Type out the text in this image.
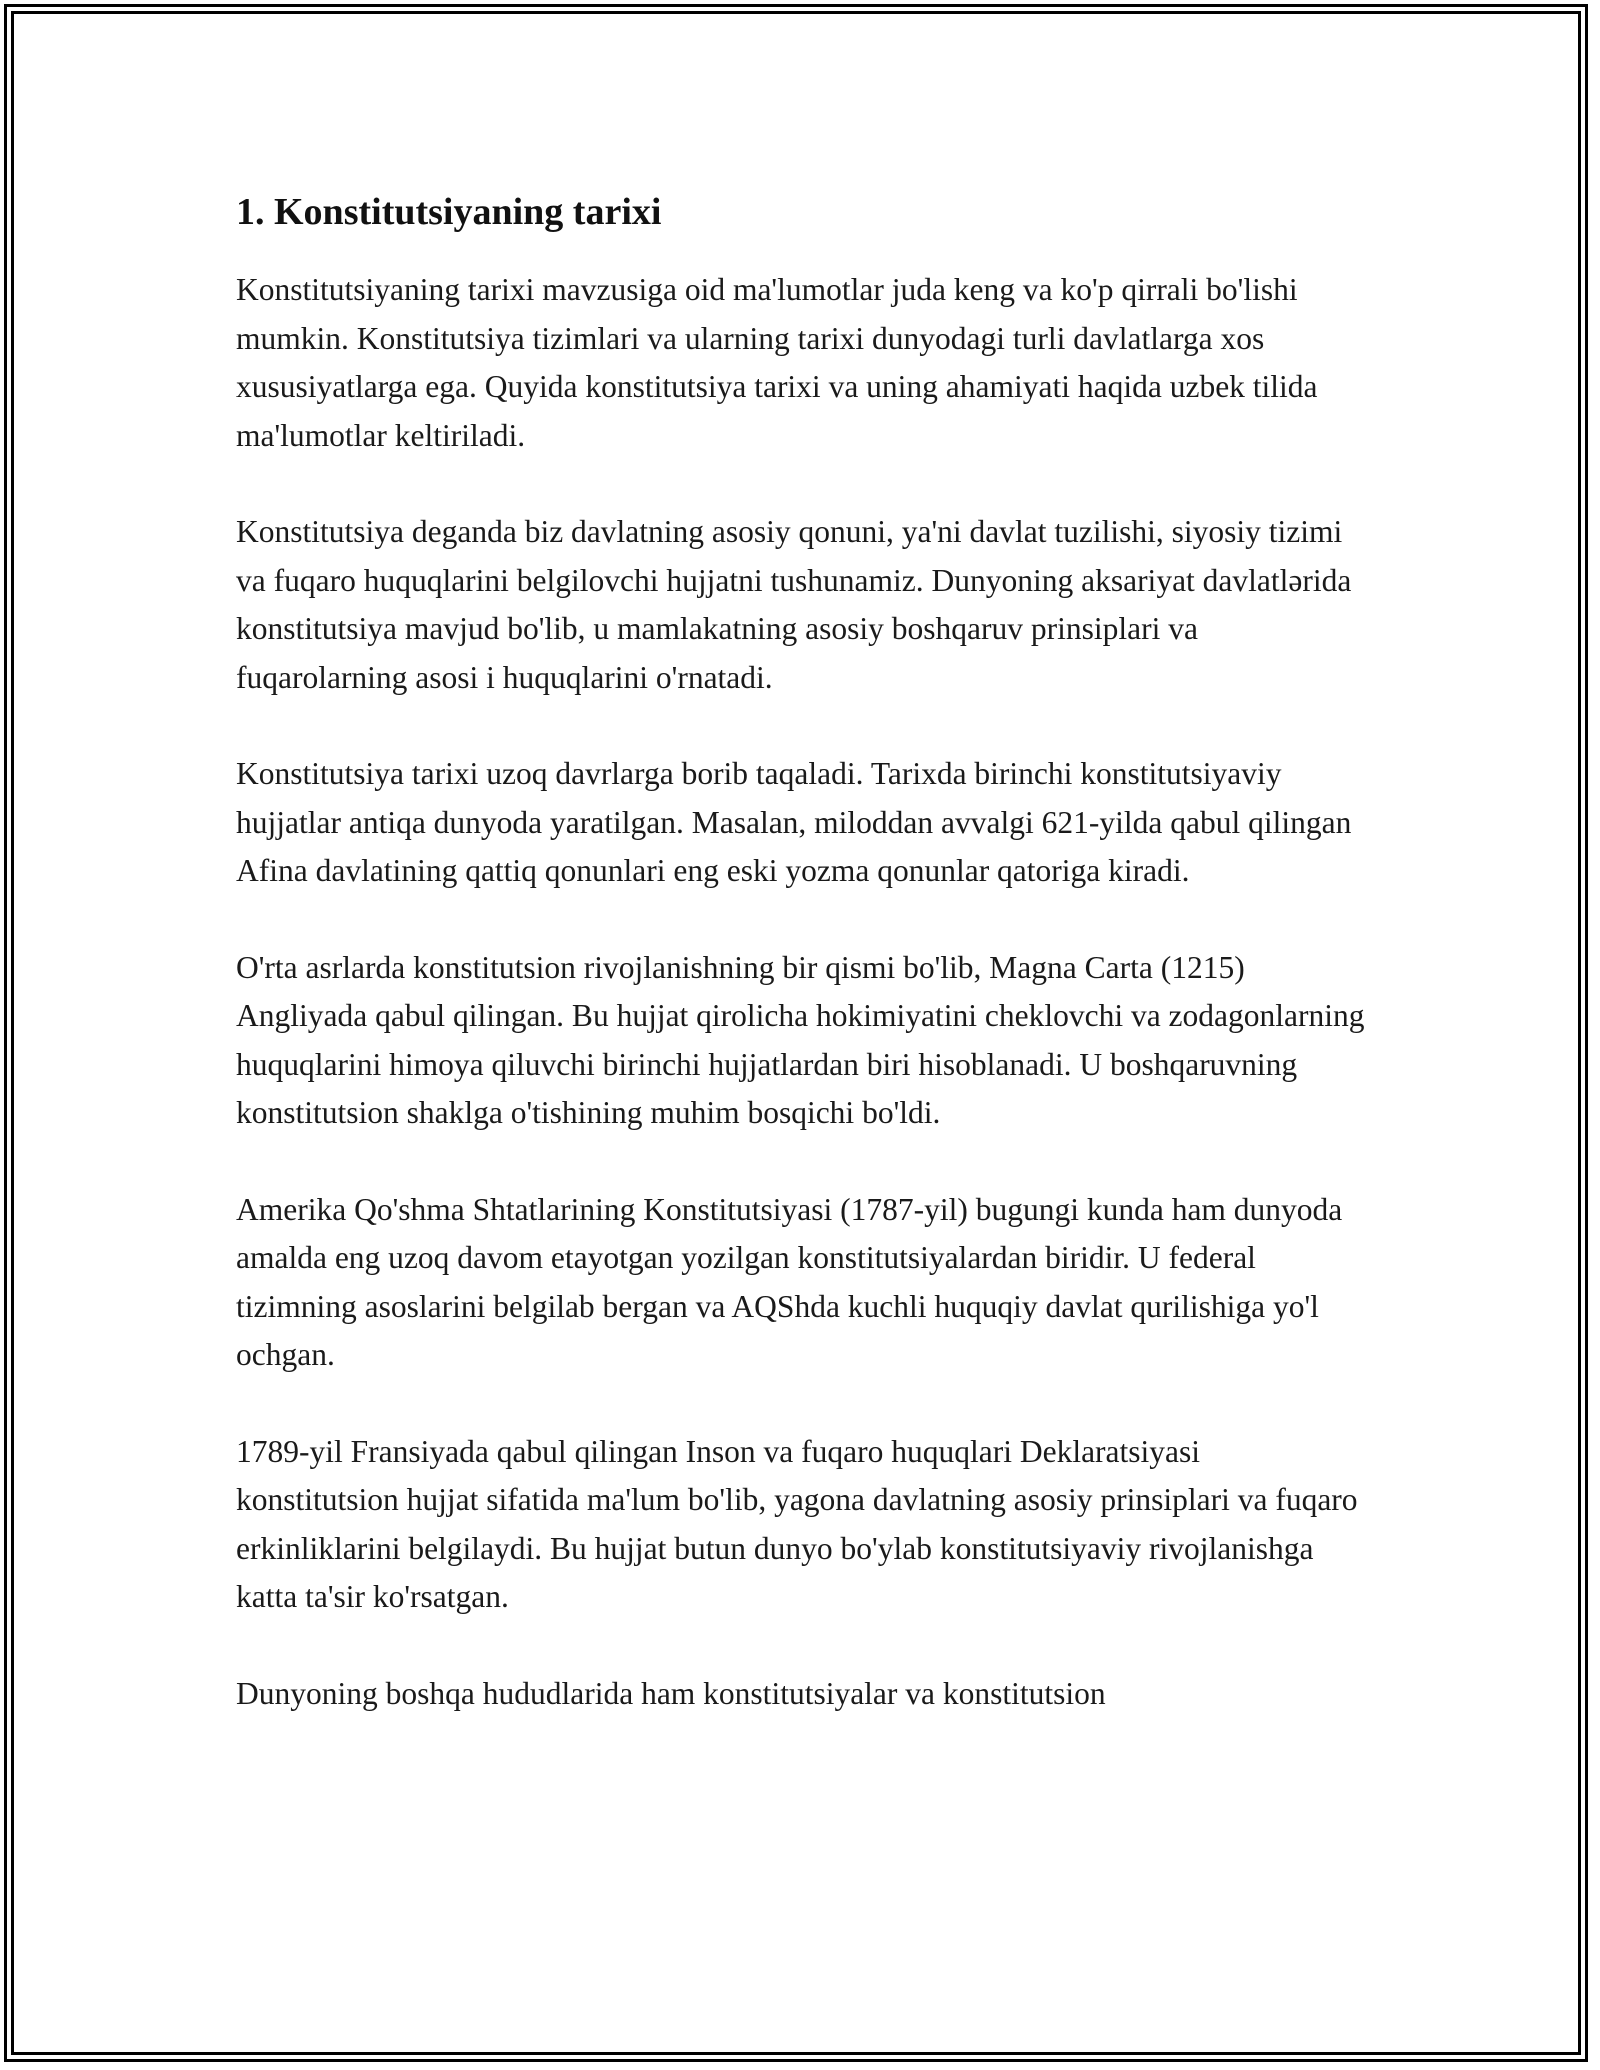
1. Konstitutsiyaning tarixi

Konstitutsiyaning tarixi mavzusiga oid ma'lumotlar juda keng va ko'p qirrali bo'lishi mumkin. Konstitutsiya tizimlari va ularning tarixi dunyodagi turli davlatlarga xos xususiyatlarga ega. Quyida konstitutsiya tarixi va uning ahamiyati haqida uzbek tilida ma'lumotlar keltiriladi.

Konstitutsiya deganda biz davlatning asosiy qonuni, ya'ni davlat tuzilishi, siyosiy tizimi va fuqaro huquqlarini belgilovchi hujjatni tushunamiz. Dunyoning aksariyat davlatlərida konstitutsiya mavjud bo'lib, u mamlakatning asosiy boshqaruv prinsiplari va fuqarolarning asosi i huquqlarini o'rnatadi.

Konstitutsiya tarixi uzoq davrlarga borib taqaladi. Tarixda birinchi konstitutsiyaviy hujjatlar antiqa dunyoda yaratilgan. Masalan, miloddan avvalgi 621-yilda qabul qilingan Afina davlatining qattiq qonunlari eng eski yozma qonunlar qatoriga kiradi.

O'rta asrlarda konstitutsion rivojlanishning bir qismi bo'lib, Magna Carta (1215) Angliyada qabul qilingan. Bu hujjat qirolicha hokimiyatini cheklovchi va zodagonlarning huquqlarini himoya qiluvchi birinchi hujjatlardan biri hisoblanadi. U boshqaruvning konstitutsion shaklga o'tishining muhim bosqichi bo'ldi.

Amerika Qo'shma Shtatlarining Konstitutsiyasi (1787-yil) bugungi kunda ham dunyoda amalda eng uzoq davom etayotgan yozilgan konstitutsiyalardan biridir. U federal tizimning asoslarini belgilab bergan va AQShda kuchli huquqiy davlat qurilishiga yo'l ochgan.

1789-yil Fransiyada qabul qilingan Inson va fuqaro huquqlari Deklaratsiyasi konstitutsion hujjat sifatida ma'lum bo'lib, yagona davlatning asosiy prinsiplari va fuqaro erkinliklarini belgilaydi. Bu hujjat butun dunyo bo'ylab konstitutsiyaviy rivojlanishga katta ta'sir ko'rsatgan.

Dunyoning boshqa hududlarida ham konstitutsiyalar va konstitutsion
